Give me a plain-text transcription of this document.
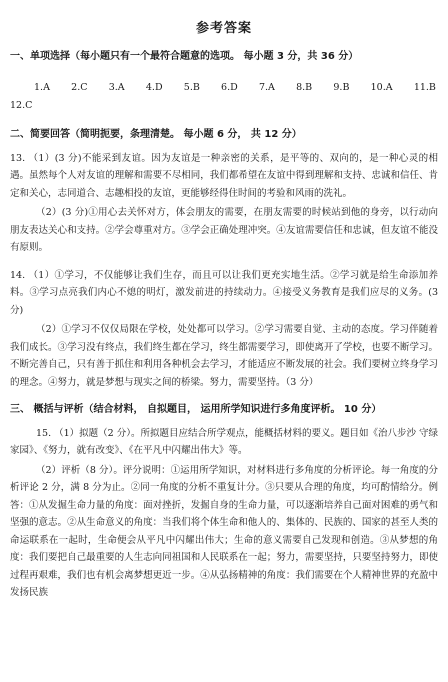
参考答案
一、单项选择（每小题只有一个最符合题意的选项。 每小题 3 分，共 36 分）
1.A 2.C 3.A 4.D 5.B 6.D 7.A 8.B 9.B 10.A 11.B
12.C
二、简要回答（简明扼要，条理清楚。 每小题 6 分， 共 12 分）

13. （1）(3 分)不能采到友谊。因为友谊是一种亲密的关系，是平等的、双向的，是一种心灵的相遇。虽然每个人对友谊的理解和需要不尽相同，我们都希望在友谊中得到理解和支持、忠诚和信任、肯定和关心，志同道合、志趣相投的友谊，更能够经得住时间的考验和风雨的洗礼。

（2）(3 分)①用心去关怀对方，体会朋友的需要，在朋友需要的时候站到他的身旁，以行动向朋友表达关心和支持。②学会尊重对方。③学会正确处理冲突。④友谊需要信任和忠诚，但友谊不能没有原则。

14. （1）①学习，不仅能够让我们生存，而且可以让我们更充实地生活。②学习就是给生命添加养料。③学习点亮我们内心不熄的明灯，激发前进的持续动力。④接受义务教育是我们应尽的义务。(3 分)

（2）①学习不仅仅局限在学校，处处都可以学习。②学习需要自觉、主动的态度。学习伴随着我们成长。③学习没有终点，我们终生都在学习，终生都需要学习，即使离开了学校，也要不断学习。不断完善自己，只有善于抓住和利用各种机会去学习，才能适应不断发展的社会。我们要树立终身学习的理念。④努力，就是梦想与现实之间的桥梁。努力，需要坚持。（3 分）

三、 概括与评析（结合材料， 自拟题目， 运用所学知识进行多角度评析。 10 分）

15. （1）拟题（2 分）。所拟题目应结合所学观点，能概括材料的要义。题目如《治八步沙 守绿家园》、《努力，就有改变》、《在平凡中闪耀出伟大》等。

（2）评析（8 分）。评分说明：①运用所学知识，对材料进行多角度的分析评论。每一角度的分析评论 2 分，满 8 分为止。②同一角度的分析不重复计分。③只要从合理的角度，均可酌情给分。例答：①从发掘生命力量的角度：面对挫折，发掘自身的生命力量，可以逐渐培养自己面对困难的勇气和坚强的意志。②从生命意义的角度：当我们将个体生命和他人的、集体的、民族的、国家的甚至人类的命运联系在一起时，生命便会从平凡中闪耀出伟大；生命的意义需要自己发现和创造。③从梦想的角度：我们要把自己最重要的人生志向同祖国和人民联系在一起；努力，需要坚持，只要坚持努力，即使过程再艰难，我们也有机会离梦想更近一步。④从弘扬精神的角度：我们需要在个人精神世界的充盈中发扬民族
